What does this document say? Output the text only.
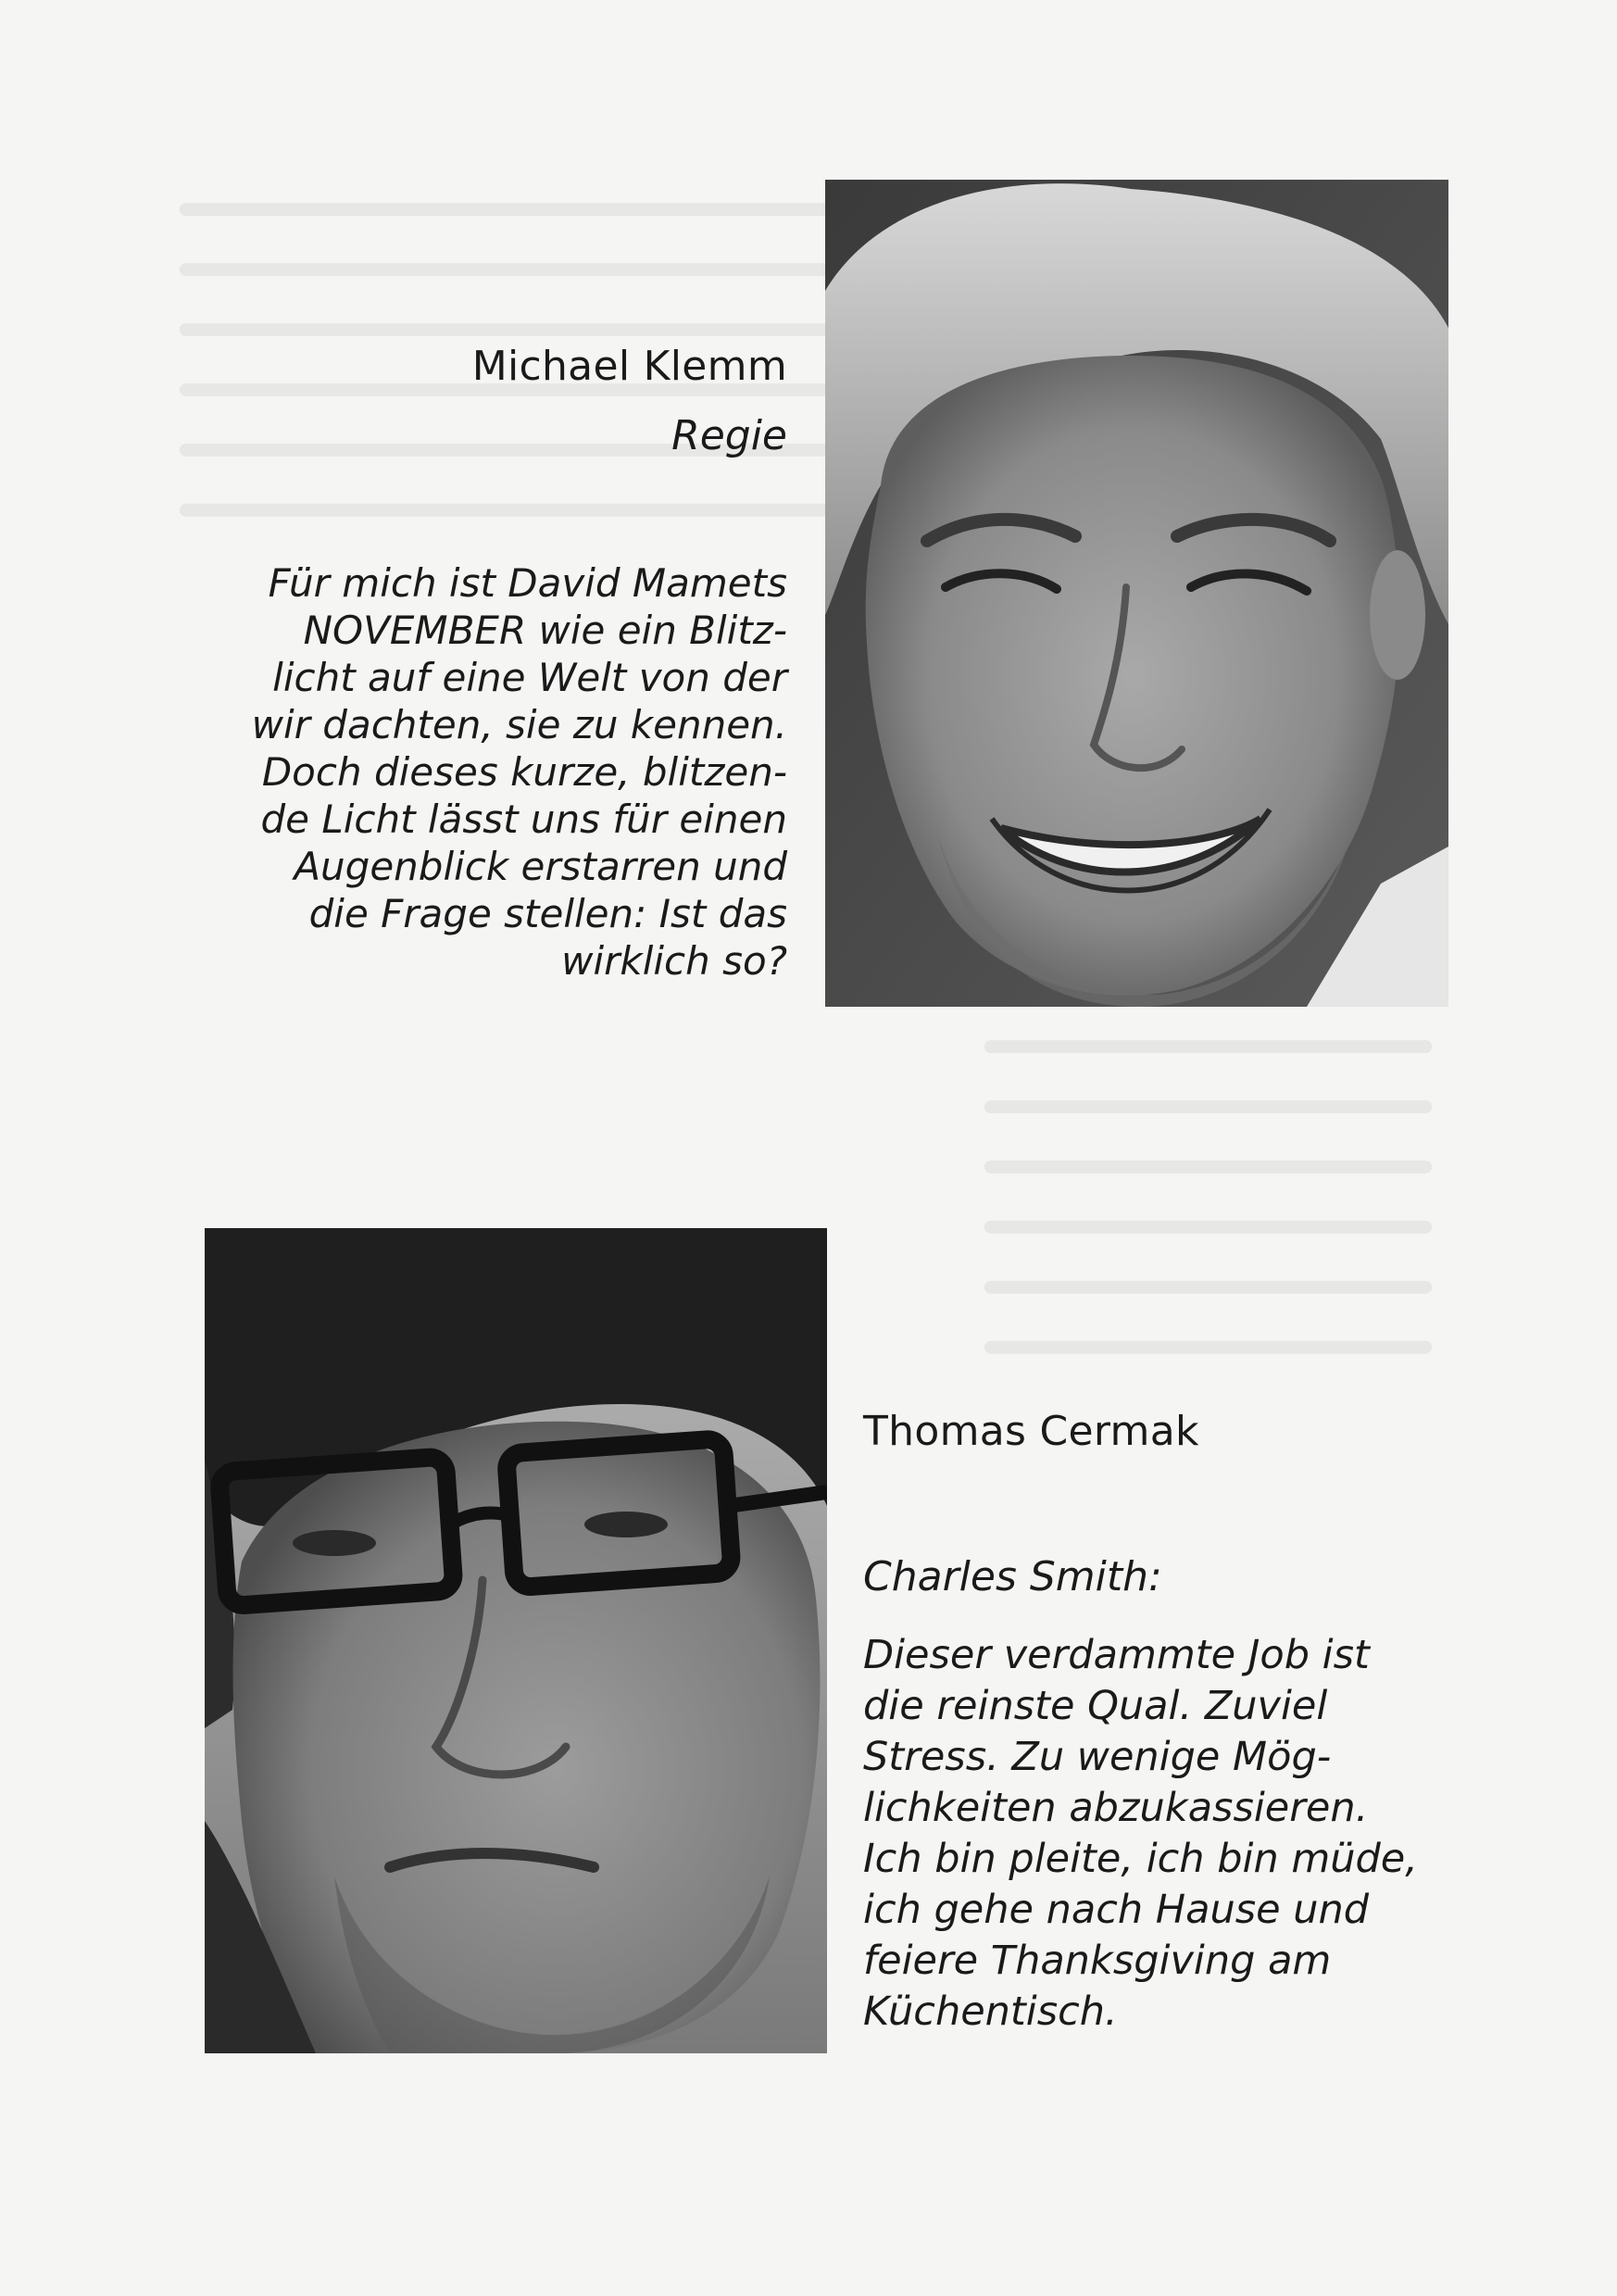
Michael Klemm
Regie
Für mich ist David Mamets
NOVEMBER wie ein Blitz-
licht auf eine Welt von der
wir dachten, sie zu kennen.
Doch dieses kurze, blitzen-
de Licht lässt uns für einen
Augenblick erstarren und
die Frage stellen: Ist das
wirklich so?
Thomas Cermak
Charles Smith:
Dieser verdammte Job ist
die reinste Qual. Zuviel
Stress. Zu wenige Mög-
lichkeiten abzukassieren.
Ich bin pleite, ich bin müde,
ich gehe nach Hause und
feiere Thanksgiving am
Küchentisch.
